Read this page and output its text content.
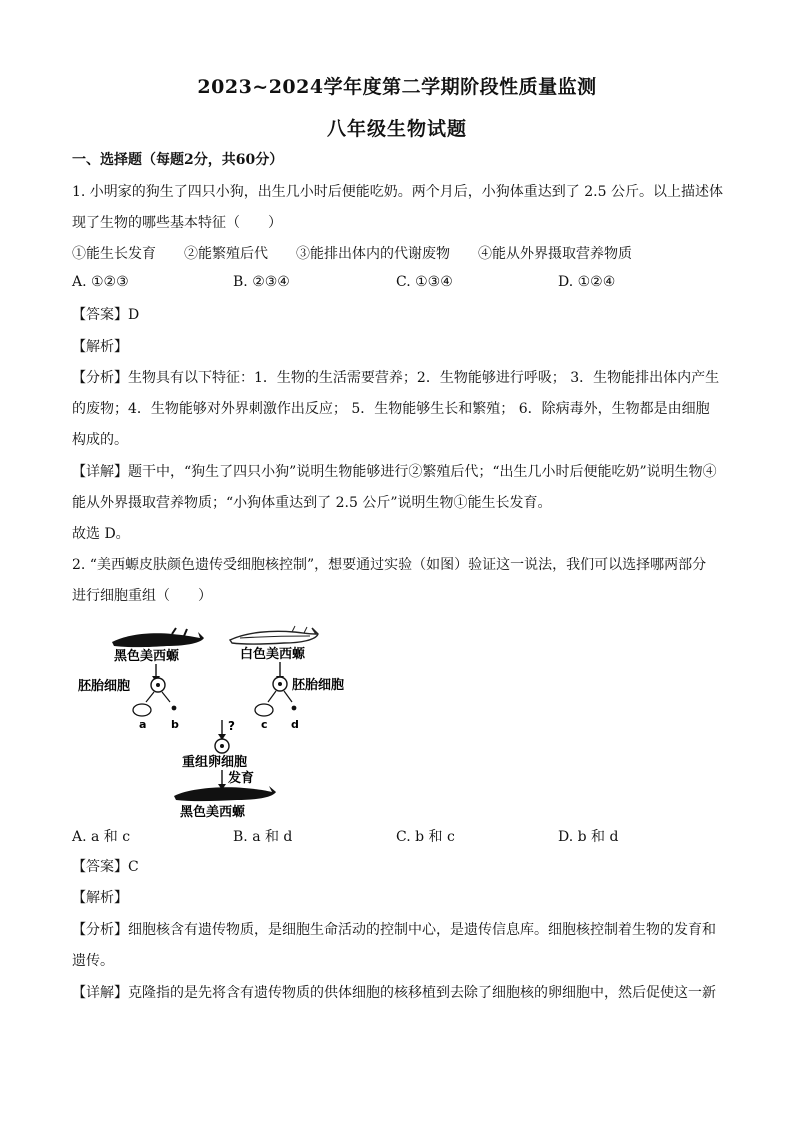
2023~2024学年度第二学期阶段性质量监测
八年级生物试题
一、选择题（每题2分，共60分）
1. 小明家的狗生了四只小狗，出生几小时后便能吃奶。两个月后，小狗体重达到了 2.5 公斤。以上描述体
现了生物的哪些基本特征（　　）
①能生长发育　　②能繁殖后代　　③能排出体内的代谢废物　　④能从外界摄取营养物质
A. ①②③	B. ②③④	C. ①③④	D. ①②④
【答案】D
【解析】
【分析】生物具有以下特征：1．生物的生活需要营养；2．生物能够进行呼吸； 3．生物能排出体内产生
的废物；4．生物能够对外界刺激作出反应； 5．生物能够生长和繁殖； 6．除病毒外，生物都是由细胞
构成的。
【详解】题干中，“狗生了四只小狗”说明生物能够进行②繁殖后代；“出生几小时后便能吃奶”说明生物④
能从外界摄取营养物质；“小狗体重达到了 2.5 公斤”说明生物①能生长发育。
故选 D。
2. “美西螈皮肤颜色遗传受细胞核控制”，想要通过实验（如图）验证这一说法，我们可以选择哪两部分
进行细胞重组（　　）
黑色美西螈	白色美西螈
胚胎细胞	胚胎细胞
a b	c d
?
重组卵细胞
发育
黑色美西螈
A. a 和 c	B. a 和 d	C. b 和 c	D. b 和 d
【答案】C
【解析】
【分析】细胞核含有遗传物质，是细胞生命活动的控制中心，是遗传信息库。细胞核控制着生物的发育和
遗传。
【详解】克隆指的是先将含有遗传物质的供体细胞的核移植到去除了细胞核的卵细胞中，然后促使这一新
